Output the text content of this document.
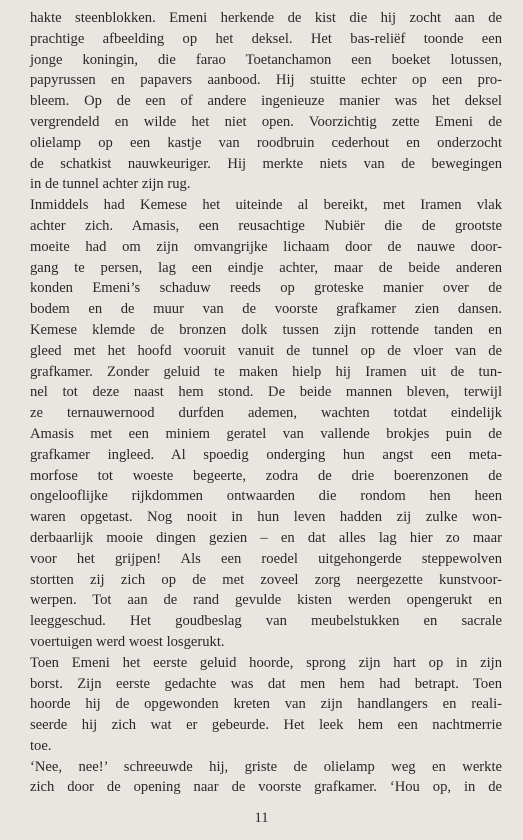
hakte steenblokken. Emeni herkende de kist die hij zocht aan de
prachtige afbeelding op het deksel. Het bas-reliëf toonde een
jonge koningin, die farao Toetanchamon een boeket lotussen,
papyrussen en papavers aanbood. Hij stuitte echter op een pro-
bleem. Op de een of andere ingenieuze manier was het deksel
vergrendeld en wilde het niet open. Voorzichtig zette Emeni de
olielamp op een kastje van roodbruin cederhout en onderzocht
de schatkist nauwkeuriger. Hij merkte niets van de bewegingen
in de tunnel achter zijn rug.
Inmiddels had Kemese het uiteinde al bereikt, met Iramen vlak
achter zich. Amasis, een reusachtige Nubiër die de grootste
moeite had om zijn omvangrijke lichaam door de nauwe door-
gang te persen, lag een eindje achter, maar de beide anderen
konden Emeni’s schaduw reeds op groteske manier over de
bodem en de muur van de voorste grafkamer zien dansen.
Kemese klemde de bronzen dolk tussen zijn rottende tanden en
gleed met het hoofd vooruit vanuit de tunnel op de vloer van de
grafkamer. Zonder geluid te maken hielp hij Iramen uit de tun-
nel tot deze naast hem stond. De beide mannen bleven, terwijl
ze ternauwernood durfden ademen, wachten totdat eindelijk
Amasis met een miniem geratel van vallende brokjes puin de
grafkamer ingleed. Al spoedig onderging hun angst een meta-
morfose tot woeste begeerte, zodra de drie boerenzonen de
ongelooflijke rijkdommen ontwaarden die rondom hen heen
waren opgetast. Nog nooit in hun leven hadden zij zulke won-
derbaarlijk mooie dingen gezien – en dat alles lag hier zo maar
voor het grijpen! Als een roedel uitgehongerde steppewolven
stortten zij zich op de met zoveel zorg neergezette kunstvoor-
werpen. Tot aan de rand gevulde kisten werden opengerukt en
leeggeschud. Het goudbeslag van meubelstukken en sacrale
voertuigen werd woest losgerukt.
Toen Emeni het eerste geluid hoorde, sprong zijn hart op in zijn
borst. Zijn eerste gedachte was dat men hem had betrapt. Toen
hoorde hij de opgewonden kreten van zijn handlangers en reali-
seerde hij zich wat er gebeurde. Het leek hem een nachtmerrie
toe.
‘Nee, nee!’ schreeuwde hij, griste de olielamp weg en werkte
zich door de opening naar de voorste grafkamer. ‘Hou op, in de
11
